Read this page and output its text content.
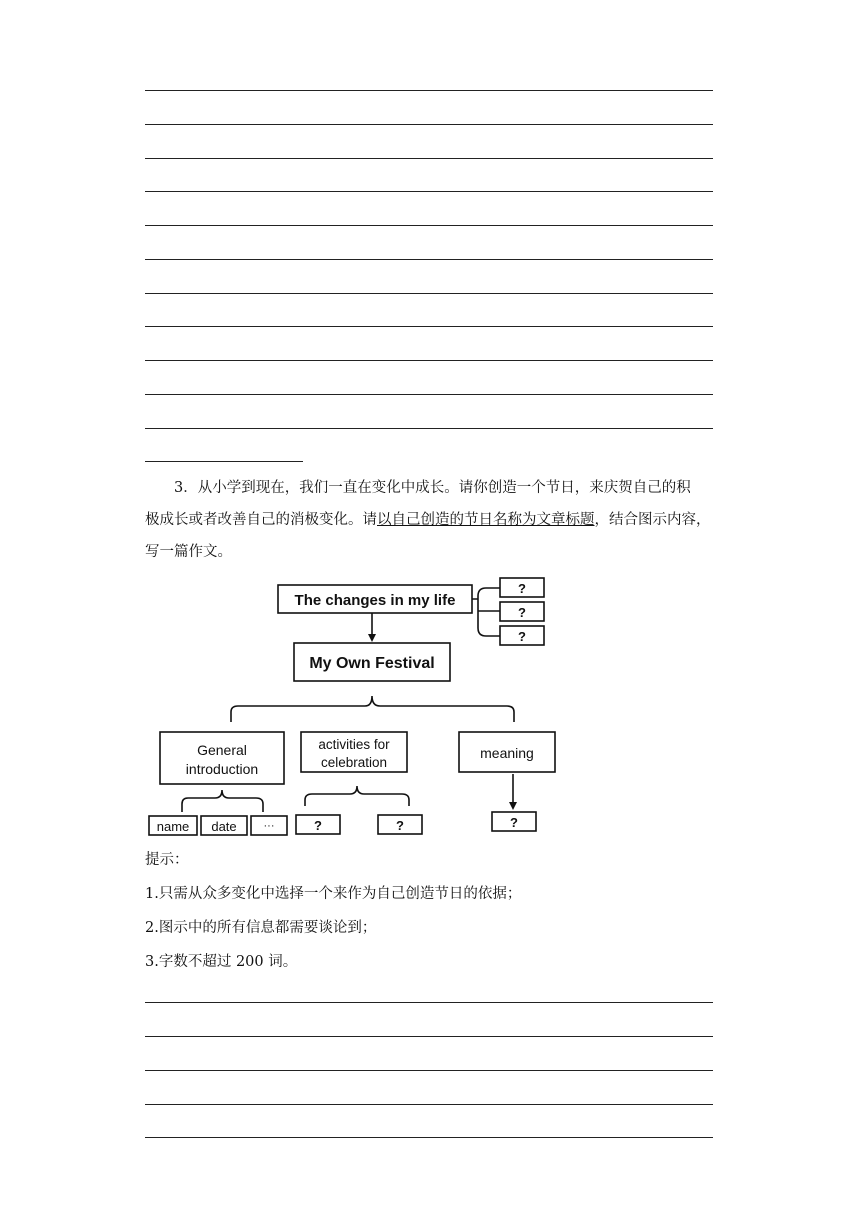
3．从小学到现在，我们一直在变化中成长。请你创造一个节日，来庆贺自己的积
极成长或者改善自己的消极变化。请以自己创造的节日名称为文章标题，结合图示内容，
写一篇作文。
The changes in my life
?
?
?
My Own Festival
General
introduction
activities for
celebration
meaning
name date ···	?	?	?
提示：
1.只需从众多变化中选择一个来作为自己创造节日的依据；
2.图示中的所有信息都需要谈论到；
3.字数不超过 200 词。
